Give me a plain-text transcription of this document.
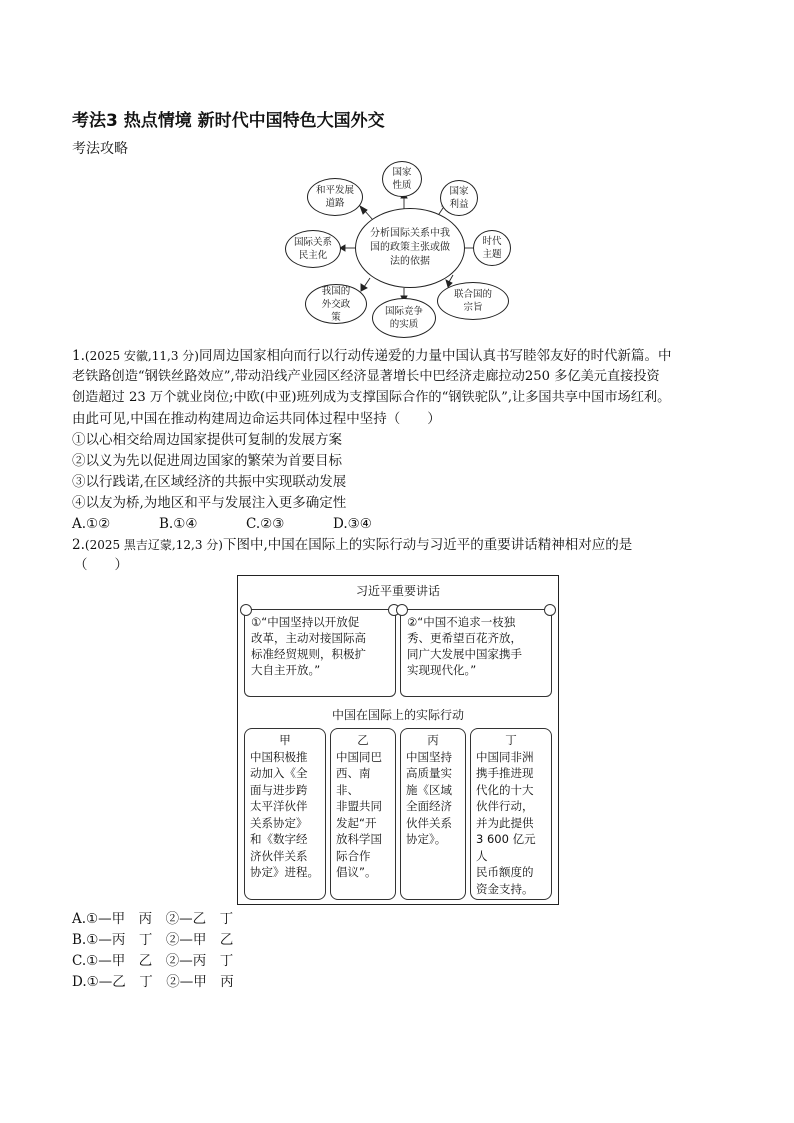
考法3 热点情境 新时代中国特色大国外交
考法攻略
分析国际关系中我国的政策主张或做法的依据
国家性质
国家利益
时代主题
联合国的宗旨
国际竞争的实质
我国的外交政策
国际关系民主化
和平发展道路
1.(2025 安徽,11,3 分)同周边国家相向而行以行动传递爱的力量中国认真书写睦邻友好的时代新篇。中
老铁路创造“钢铁丝路效应”,带动沿线产业园区经济显著增长中巴经济走廊拉动250 多亿美元直接投资
创造超过 23 万个就业岗位;中欧(中亚)班列成为支撑国际合作的“钢铁驼队”,让多国共享中国市场红利。
由此可见,中国在推动构建周边命运共同体过程中坚持（　　）
①以心相交给周边国家提供可复制的发展方案
②以义为先以促进周边国家的繁荣为首要目标
③以行践诺,在区域经济的共振中实现联动发展
④以友为桥,为地区和平与发展注入更多确定性
A.①②	B.①④	C.②③	D.③④
2.(2025 黑吉辽蒙,12,3 分)下图中,中国在国际上的实际行动与习近平的重要讲话精神相对应的是
（　　）
习近平重要讲话
①“中国坚持以开放促
改革，主动对接国际高
标准经贸规则，积极扩
大自主开放。”
②“中国不追求一枝独
秀、更希望百花齐放，
同广大发展中国家携手
实现现代化。”
中国在国际上的实际行动
甲
中国积极推
动加入《全
面与进步跨
太平洋伙伴
关系协定》
和《数字经
济伙伴关系
协定》进程。
乙
中国同巴
西、南非、
非盟共同
发起“开
放科学国
际合作
倡议”。
丙
中国坚持
高质量实
施《区域
全面经济
伙伴关系
协定》。
丁
中国同非洲
携手推进现
代化的十大
伙伴行动，
并为此提供
3 600 亿元人
民币额度的
资金支持。
A.①—甲　丙　②—乙　丁
B.①—丙　丁　②—甲　乙
C.①—甲　乙　②—丙　丁
D.①—乙　丁　②—甲　丙
